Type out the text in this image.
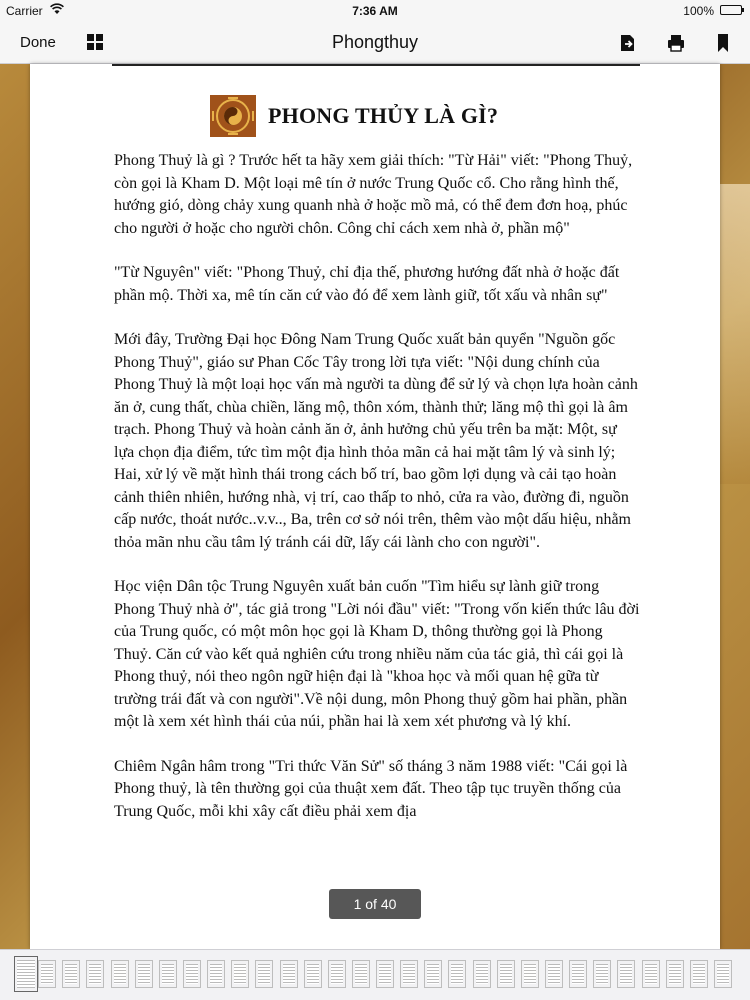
Carrier	7:36 AM	100%
Done	Phongthuy
PHONG THỦY LÀ GÌ?

Phong Thuỷ là gì ? Trước hết ta hãy xem giải thích: "Từ Hải" viết: "Phong Thuỷ, còn gọi là Kham D. Một loại mê tín ở nước Trung Quốc cổ. Cho rằng hình thế, hướng gió, dòng chảy xung quanh nhà ở hoặc mồ mả, có thể đem đơn hoạ, phúc cho người ở hoặc cho người chôn. Công chỉ cách xem nhà ở, phần mộ"

"Từ Nguyên" viết: "Phong Thuỷ, chỉ địa thế, phương hướng đất nhà ở hoặc đất phần mộ. Thời xa, mê tín căn cứ vào đó để xem lành giữ, tốt xấu và nhân sự"

Mới đây, Trường Đại học Đông Nam Trung Quốc xuất bản quyển "Nguồn gốc Phong Thuỷ", giáo sư Phan Cốc Tây trong lời tựa viết: "Nội dung chính của Phong Thuỷ là một loại học vấn mà người ta dùng để sử lý và chọn lựa hoàn cảnh ăn ở, cung thất, chùa chiền, lăng mộ, thôn xóm, thành thử; lăng mộ thì gọi là âm trạch. Phong Thuỷ và hoàn cảnh ăn ở, ảnh hưởng chủ yếu trên ba mặt: Một, sự lựa chọn địa điểm, tức tìm một địa hình thỏa mãn cả hai mặt tâm lý và sinh lý; Hai, xử lý về mặt hình thái trong cách bố trí, bao gồm lợi dụng và cải tạo hoàn cảnh thiên nhiên, hướng nhà, vị trí, cao thấp to nhỏ, cửa ra vào, đường đi, nguồn cấp nước, thoát nước..v.v.., Ba, trên cơ sở nói trên, thêm vào một dấu hiệu, nhằm thỏa mãn nhu cầu tâm lý tránh cái dữ, lấy cái lành cho con người".

Học viện Dân tộc Trung Nguyên xuất bản cuốn "Tìm hiểu sự lành giữ trong Phong Thuỷ nhà ở", tác giả trong "Lời nói đầu" viết: "Trong vốn kiến thức lâu đời của Trung quốc, có một môn học gọi là Kham D, thông thường gọi là Phong Thuỷ. Căn cứ vào kết quả nghiên cứu trong nhiều năm của tác giả, thì cái gọi là Phong thuỷ, nói theo ngôn ngữ hiện đại là "khoa học và mối quan hệ gữa từ trường trái đất và con người".Về nội dung, môn Phong thuỷ gồm hai phần, phần một là xem xét hình thái của núi, phần hai là xem xét phương và lý khí.

Chiêm Ngân hâm trong "Tri thức Văn Sử" số tháng 3 năm 1988 viết: "Cái gọi là Phong thuỷ, là tên thường gọi của thuật xem đất. Theo tập tục truyền thống của Trung Quốc, mỗi khi xây cất điều phải xem địa

1 of 40
